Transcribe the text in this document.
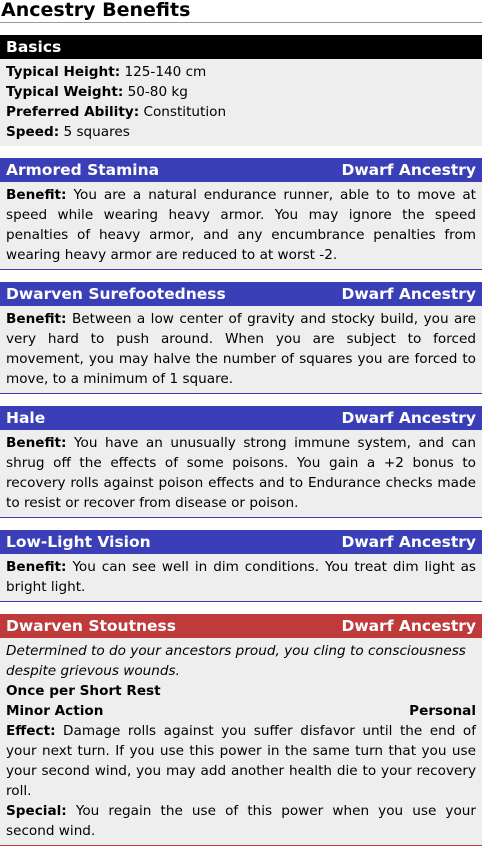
Ancestry Benefits
Basics
Typical Height: 125-140 cm
Typical Weight: 50-80 kg
Preferred Ability: Constitution
Speed: 5 squares
Armored Stamina	Dwarf Ancestry
Benefit: You are a natural endurance runner, able to to move at speed while wearing heavy armor. You may ignore the speed penalties of heavy armor, and any encumbrance penalties from wearing heavy armor are reduced to at worst -2.
Dwarven Surefootedness	Dwarf Ancestry
Benefit: Between a low center of gravity and stocky build, you are very hard to push around. When you are subject to forced movement, you may halve the number of squares you are forced to move, to a minimum of 1 square.
Hale	Dwarf Ancestry
Benefit: You have an unusually strong immune system, and can shrug off the effects of some poisons. You gain a +2 bonus to recovery rolls against poison effects and to Endurance checks made to resist or recover from disease or poison.
Low-Light Vision	Dwarf Ancestry
Benefit: You can see well in dim conditions. You treat dim light as bright light.
Dwarven Stoutness	Dwarf Ancestry
Determined to do your ancestors proud, you cling to consciousness despite grievous wounds.
Once per Short Rest
Minor Action	Personal
Effect: Damage rolls against you suffer disfavor until the end of your next turn. If you use this power in the same turn that you use your second wind, you may add another health die to your recovery roll.
Special: You regain the use of this power when you use your second wind.
